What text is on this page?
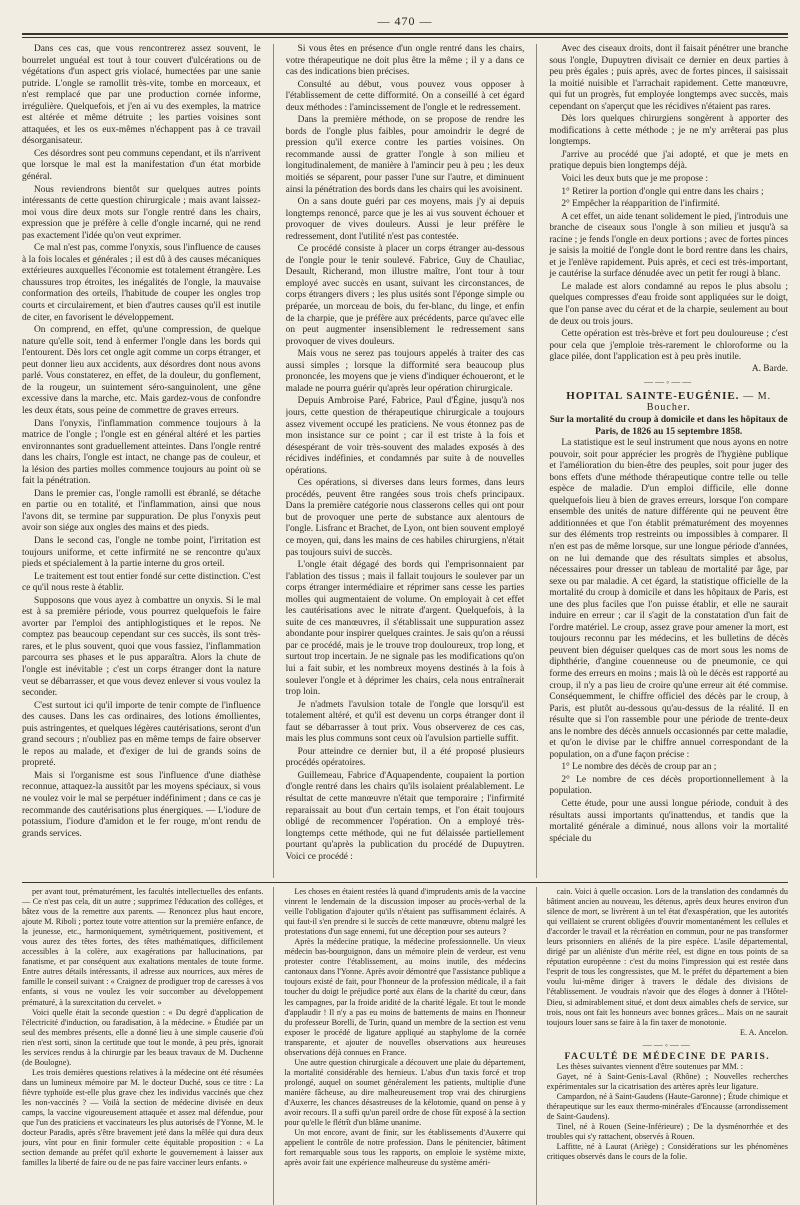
— 470 —

Dans ces cas, que vous rencontrerez assez souvent, le bourrelet unguéal est tout à tour couvert d'ulcérations ou de végétations d'un aspect gris violacé, humectées par une sanie putride. L'ongle se ramollit très-vite, tombe en morceaux, et n'est remplacé que par une production cornée informe, irrégulière. Quelquefois, et j'en ai vu des exemples, la matrice est altérée et même détruite ; les parties voisines sont attaquées, et les os eux-mêmes n'échappent pas à ce travail désorganisateur.

Ces désordres sont peu communs cependant, et ils n'arrivent que lorsque le mal est la manifestation d'un état morbide général.

Nous reviendrons bientôt sur quelques autres points intéressants de cette question chirurgicale ; mais avant laissez-moi vous dire deux mots sur l'ongle rentré dans les chairs, expression que je préfère à celle d'ongle incarné, qui ne rend pas exactement l'idée qu'on veut exprimer.

Ce mal n'est pas, comme l'onyxis, sous l'influence de causes à la fois locales et générales ; il est dû à des causes mécaniques extérieures auxquelles l'économie est totalement étrangère. Les chaussures trop étroites, les inégalités de l'ongle, la mauvaise conformation des orteils, l'habitude de couper les ongles trop courts et circulairement, et bien d'autres causes qu'il est inutile de citer, en favorisent le développement.

On comprend, en effet, qu'une compression, de quelque nature qu'elle soit, tend à enfermer l'ongle dans les bords qui l'entourent. Dès lors cet ongle agit comme un corps étranger, et peut donner lieu aux accidents, aux désordres dont nous avons parlé. Vous constaterez, en effet, de la douleur, du gonflement, de la rougeur, un suintement séro-sanguinolent, une gêne excessive dans la marche, etc. Mais gardez-vous de confondre les deux états, sous peine de commettre de graves erreurs.

Dans l'onyxis, l'inflammation commence toujours à la matrice de l'ongle ; l'ongle est en général altéré et les parties environnantes sont graduellement atteintes. Dans l'ongle rentré dans les chairs, l'ongle est intact, ne change pas de couleur, et la lésion des parties molles commence toujours au point où se fait la pénétration.

Dans le premier cas, l'ongle ramolli est ébranlé, se détache en partie ou en totalité, et l'inflammation, ainsi que nous l'avons dit, se termine par suppuration. De plus l'onyxis peut avoir son siége aux ongles des mains et des pieds.

Dans le second cas, l'ongle ne tombe point, l'irritation est toujours uniforme, et cette infirmité ne se rencontre qu'aux pieds et spécialement à la partie interne du gros orteil.

Le traitement est tout entier fondé sur cette distinction. C'est ce qu'il nous reste à établir.

Supposons que vous ayez à combattre un onyxis. Si le mal est à sa première période, vous pourrez quelquefois le faire avorter par l'emploi des antiphlogistiques et le repos. Ne comptez pas beaucoup cependant sur ces succès, ils sont très-rares, et le plus souvent, quoi que vous fassiez, l'inflammation parcourra ses phases et le pus apparaîtra. Alors la chute de l'ongle est inévitable ; c'est un corps étranger dont la nature veut se débarrasser, et que vous devez enlever si vous voulez la seconder.

C'est surtout ici qu'il importe de tenir compte de l'influence des causes. Dans les cas ordinaires, des lotions émollientes, puis astringentes, et quelques légères cautérisations, seront d'un grand secours ; n'oubliez pas en même temps de faire observer le repos au malade, et d'exiger de lui de grands soins de propreté.

Mais si l'organisme est sous l'influence d'une diathèse reconnue, attaquez-la aussitôt par les moyens spéciaux, si vous ne voulez voir le mal se perpétuer indéfiniment ; dans ce cas je recommande des cautérisations plus énergiques. — L'iodure de potassium, l'iodure d'amidon et le fer rouge, m'ont rendu de grands services.

Si vous êtes en présence d'un ongle rentré dans les chairs, votre thérapeutique ne doit plus être la même ; il y a dans ce cas des indications bien précises.

Consulté au début, vous pouvez vous opposer à l'établissement de cette difformité. On a conseillé à cet égard deux méthodes : l'amincissement de l'ongle et le redressement.

Dans la première méthode, on se propose de rendre les bords de l'ongle plus faibles, pour amoindrir le degré de pression qu'il exerce contre les parties voisines. On recommande aussi de gratter l'ongle à son milieu et longitudinalement, de manière à l'amincir peu à peu ; les deux moitiés se séparent, pour passer l'une sur l'autre, et diminuent ainsi la pénétration des bords dans les chairs qui les avoisinent.

On a sans doute guéri par ces moyens, mais j'y ai depuis longtemps renoncé, parce que je les ai vus souvent échouer et provoquer de vives douleurs. Aussi je leur préfère le redressement, dont l'utilité n'est pas contestée.

Ce procédé consiste à placer un corps étranger au-dessous de l'ongle pour le tenir soulevé. Fabrice, Guy de Chauliac, Desault, Richerand, mon illustre maître, l'ont tour à tour employé avec succès en usant, suivant les circonstances, de corps étrangers divers ; les plus usités sont l'éponge simple ou préparée, un morceau de bois, du fer-blanc, du linge, et enfin de la charpie, que je préfère aux précédents, parce qu'avec elle on peut augmenter insensiblement le redressement sans provoquer de vives douleurs.

Mais vous ne serez pas toujours appelés à traiter des cas aussi simples ; lorsque la difformité sera beaucoup plus prononcée, les moyens que je viens d'indiquer échoueront, et le malade ne pourra guérir qu'après leur opération chirurgicale.

Depuis Ambroise Paré, Fabrice, Paul d'Égine, jusqu'à nos jours, cette question de thérapeutique chirurgicale a toujours assez vivement occupé les praticiens. Ne vous étonnez pas de mon insistance sur ce point ; car il est triste à la fois et désespérant de voir très-souvent des malades exposés à des récidives indéfinies, et condamnés par suite à de nouvelles opérations.

Ces opérations, si diverses dans leurs formes, dans leurs procédés, peuvent être rangées sous trois chefs principaux. Dans la première catégorie nous classerons celles qui ont pour but de provoquer une perte de substance aux alentours de l'ongle. Lisfranc et Brachet, de Lyon, ont bien souvent employé ce moyen, qui, dans les mains de ces habiles chirurgiens, n'était pas toujours suivi de succès.

L'ongle était dégagé des bords qui l'emprisonnaient par l'ablation des tissus ; mais il fallait toujours le soulever par un corps étranger intermédiaire et réprimer sans cesse les parties molles qui augmentaient de volume. On employait à cet effet les cautérisations avec le nitrate d'argent. Quelquefois, à la suite de ces manœuvres, il s'établissait une suppuration assez abondante pour inspirer quelques craintes. Je sais qu'on a réussi par ce procédé, mais je le trouve trop douloureux, trop long, et surtout trop incertain. Je ne signale pas les modifications qu'on lui a fait subir, et les nombreux moyens destinés à la fois à soulever l'ongle et à déprimer les chairs, cela nous entraînerait trop loin.

Je n'admets l'avulsion totale de l'ongle que lorsqu'il est totalement altéré, et qu'il est devenu un corps étranger dont il faut se débarrasser à tout prix. Vous observerez de ces cas, mais les plus communs sont ceux où l'avulsion partielle suffit.

Pour atteindre ce dernier but, il a été proposé plusieurs procédés opératoires.

Guillemeau, Fabrice d'Aquapendente, coupaient la portion d'ongle rentré dans les chairs qu'ils isolaient préalablement. Le résultat de cette manœuvre n'était que temporaire ; l'infirmité reparaissait au bout d'un certain temps, et l'on était toujours obligé de recommencer l'opération. On a employé très-longtemps cette méthode, qui ne fut délaissée partiellement pourtant qu'après la publication du procédé de Dupuytren. Voici ce procédé :

Avec des ciseaux droits, dont il faisait pénétrer une branche sous l'ongle, Dupuytren divisait ce dernier en deux parties à peu près égales ; puis après, avec de fortes pinces, il saisissait la moitié nuisible et l'arrachait rapidement. Cette manœuvre, qui fut un progrès, fut employée longtemps avec succès, mais cependant on s'aperçut que les récidives n'étaient pas rares.

Dès lors quelques chirurgiens songèrent à apporter des modifications à cette méthode ; je ne m'y arrêterai pas plus longtemps.

J'arrive au procédé que j'ai adopté, et que je mets en pratique depuis bien longtemps déjà.

Voici les deux buts que je me propose :

1° Retirer la portion d'ongle qui entre dans les chairs ;

2° Empêcher la réapparition de l'infirmité.

A cet effet, un aide tenant solidement le pied, j'introduis une branche de ciseaux sous l'ongle à son milieu et jusqu'à sa racine ; je fends l'ongle en deux portions ; avec de fortes pinces je saisis la moitié de l'ongle dont le bord rentre dans les chairs, et je l'enlève rapidement. Puis après, et ceci est très-important, je cautérise la surface dénudée avec un petit fer rougi à blanc.

Le malade est alors condamné au repos le plus absolu ; quelques compresses d'eau froide sont appliquées sur le doigt, que l'on panse avec du cérat et de la charpie, seulement au bout de deux ou trois jours.

Cette opération est très-brève et fort peu douloureuse ; c'est pour cela que j'emploie très-rarement le chloroforme ou la glace pilée, dont l'application est à peu près inutile.

A. Barde.

——◦——

HOPITAL SAINTE-EUGÉNIE. — M. Boucher.

Sur la mortalité du croup à domicile et dans les hôpitaux de Paris, de 1826 au 15 septembre 1858.

La statistique est le seul instrument que nous ayons en notre pouvoir, soit pour apprécier les progrès de l'hygiène publique et l'amélioration du bien-être des peuples, soit pour juger des bons effets d'une méthode thérapeutique contre telle ou telle espèce de maladie. D'un emploi difficile, elle donne quelquefois lieu à bien de graves erreurs, lorsque l'on compare ensemble des unités de nature différente qui ne peuvent être additionnées et que l'on établit prématurément des moyennes sur des éléments trop restreints ou impossibles à comparer. Il n'en est pas de même lorsque, sur une longue période d'années, on ne lui demande que des résultats simples et absolus, nécessaires pour dresser un tableau de mortalité par âge, par sexe ou par maladie. A cet égard, la statistique officielle de la mortalité du croup à domicile et dans les hôpitaux de Paris, est une des plus faciles que l'on puisse établir, et elle ne saurait induire en erreur ; car il s'agit de la constatation d'un fait de l'ordre matériel. Le croup, assez grave pour amener la mort, est toujours reconnu par les médecins, et les bulletins de décès peuvent bien déguiser quelques cas de mort sous les noms de diphthérie, d'angine couenneuse ou de pneumonie, ce qui forme des erreurs en moins ; mais là où le décès est rapporté au croup, il n'y a pas lieu de croire qu'une erreur ait été commise. Conséquemment, le chiffre officiel des décès par le croup, à Paris, est plutôt au-dessous qu'au-dessus de la réalité. Il en résulte que si l'on rassemble pour une période de trente-deux ans le nombre des décès annuels occasionnés par cette maladie, et qu'on le divise par le chiffre annuel correspondant de la population, on a d'une façon précise :

1° Le nombre des décès de croup par an ;

2° Le nombre de ces décès proportionnellement à la population.

Cette étude, pour une aussi longue période, conduit à des résultats aussi importants qu'inattendus, et tandis que la mortalité générale a diminué, nous allons voir la mortalité spéciale du

per avant tout, prématurément, les facultés intellectuelles des enfants. — Ce n'est pas cela, dit un autre ; supprimez l'éducation des colléges, et bâtez vous de la remettre aux parents. — Renoncez plus haut encore, ajoute M. Riboli ; portez toute votre attention sur la première enfance, de la jeunesse, etc., harmoniquement, symétriquement, positivement, et vous aurez des têtes fortes, des têtes mathématiques, difficilement accessibles à la colère, aux exagérations par hallucinations, par fanatisme, et par conséquent aux exaltations mentales de toute forme. Entre autres détails intéressants, il adresse aux nourrices, aux mères de famille le conseil suivant : « Craignez de prodiguer trop de caresses à vos enfants, si vous ne voulez les voir succomber au développement prématuré, à la surexcitation du cervelet. »

Voici quelle était la seconde question : « Du degré d'application de l'électricité d'induction, ou faradisation, à la médecine. » Étudiée par un seul des membres présents, elle a donné lieu à une simple causerie d'où rien n'est sorti, sinon la certitude que tout le monde, à peu près, ignorait les services rendus à la chirurgie par les beaux travaux de M. Duchenne (de Boulogne).

Les trois dernières questions relatives à la médecine ont été résumées dans un lumineux mémoire par M. le docteur Duché, sous ce titre : La fièvre typhoïde est-elle plus grave chez les individus vaccinés que chez les non-vaccinés ? — Voilà la section de médecine divisée en deux camps, la vaccine vigoureusement attaquée et assez mal défendue, pour que l'un des praticiens et vaccinateurs les plus autorisés de l'Yonne, M. le docteur Paradis, après s'être bravement jeté dans la mêlée qui dura deux jours, vînt pour en finir formuler cette équitable proposition : « La section demande au préfet qu'il exhorte le gouvernement à laisser aux familles la liberté de faire ou de ne pas faire vacciner leurs enfants. »

Les choses en étaient restées là quand d'imprudents amis de la vaccine vinrent le lendemain de la discussion imposer au procès-verbal de la veille l'obligation d'ajouter qu'ils n'étaient pas suffisamment éclairés. A qui faut-il s'en prendre si le succès de cette manœuvre, obtenu malgré les protestations d'un sage ennemi, fut une déception pour ses auteurs ?

Après la médecine pratique, la médecine professionnelle. Un vieux médecin bas-bourguignon, dans un mémoire plein de verdeur, est venu protester contre l'établissement, au moins inutile, des médecins cantonaux dans l'Yonne. Après avoir démontré que l'assistance publique a toujours existé de fait, pour l'honneur de la profession médicale, il a fait toucher du doigt le préjudice porté aux élans de la charité du cœur, dans les campagnes, par la froide aridité de la charité légale. Et tout le monde d'applaudir ! Il n'y a pas eu moins de battements de mains en l'honneur du professeur Borelli, de Turin, quand un membre de la section est venu exposer le procédé de ligature appliqué au staphylome de la cornée transparente, et ajouter de nouvelles observations aux heureuses observations déjà connues en France.

Une autre question chirurgicale a découvert une plaie du département, la mortalité considérable des hernieux. L'abus d'un taxis forcé et trop prolongé, auquel on soumet généralement les patients, multiplie d'une manière fâcheuse, au dire malheureusement trop vrai des chirurgiens d'Auxerre, les chances désastreuses de la kélotomie, quand on pense à y avoir recours. Il a suffi qu'un pareil ordre de chose fût exposé à la section pour qu'elle le flétrît d'un blâme unanime.

Un mot encore, avant de finir, sur les établissements d'Auxerre qui appelient le contrôle de notre profession. Dans le pénitencier, bâtiment fort remarquable sous tous les rapports, on emploie le système mixte, après avoir fait une expérience malheureuse du système améri-

cain. Voici à quelle occasion. Lors de la translation des condamnés du bâtiment ancien au nouveau, les détenus, après deux heures environ d'un silence de mort, se livrèrent à un tel état d'exaspération, que les autorités qui veillaient se crurent obligées d'ouvrir momentanément les cellules et d'accorder le travail et la récréation en commun, pour ne pas transformer leurs prisonniers en aliénés de la pire espèce. L'asile départemental, dirigé par un aliéniste d'un mérite réel, est digne en tous points de sa réputation européenne : c'est du moins l'impression qui est restée dans l'esprit de tous les congressistes, que M. le préfet du département a bien voulu lui-même diriger à travers le dédale des divisions de l'établissement. Je voudrais n'avoir que des éloges à donner à l'Hôtel-Dieu, si admirablement situé, et dont deux aimables chefs de service, sur trois, nous ont fait les honneurs avec bonnes grâces... Mais on ne saurait toujours louer sans se faire à la fin taxer de monotonie.

E. A. Ancelon.

——◦——

FACULTÉ DE MÉDECINE DE PARIS.

Les thèses suivantes viennent d'être soutenues par MM. :

Gayet, né à Saint-Genis-Laval (Rhône) ; Nouvelles recherches expérimentales sur la cicatrisation des artères après leur ligature.

Campardon, né à Saint-Gaudens (Haute-Garonne) ; Étude chimique et thérapeutique sur les eaux thermo-minérales d'Encausse (arrondissement de Saint-Gaudens).

Tinel, né à Rouen (Seine-Inférieure) ; De la dysménorrhée et des troubles qui s'y rattachent, observés à Rouen.

Laffitte, né à Laurat (Ariège) ; Considérations sur les phénomènes critiques observés dans le cours de la folie.
